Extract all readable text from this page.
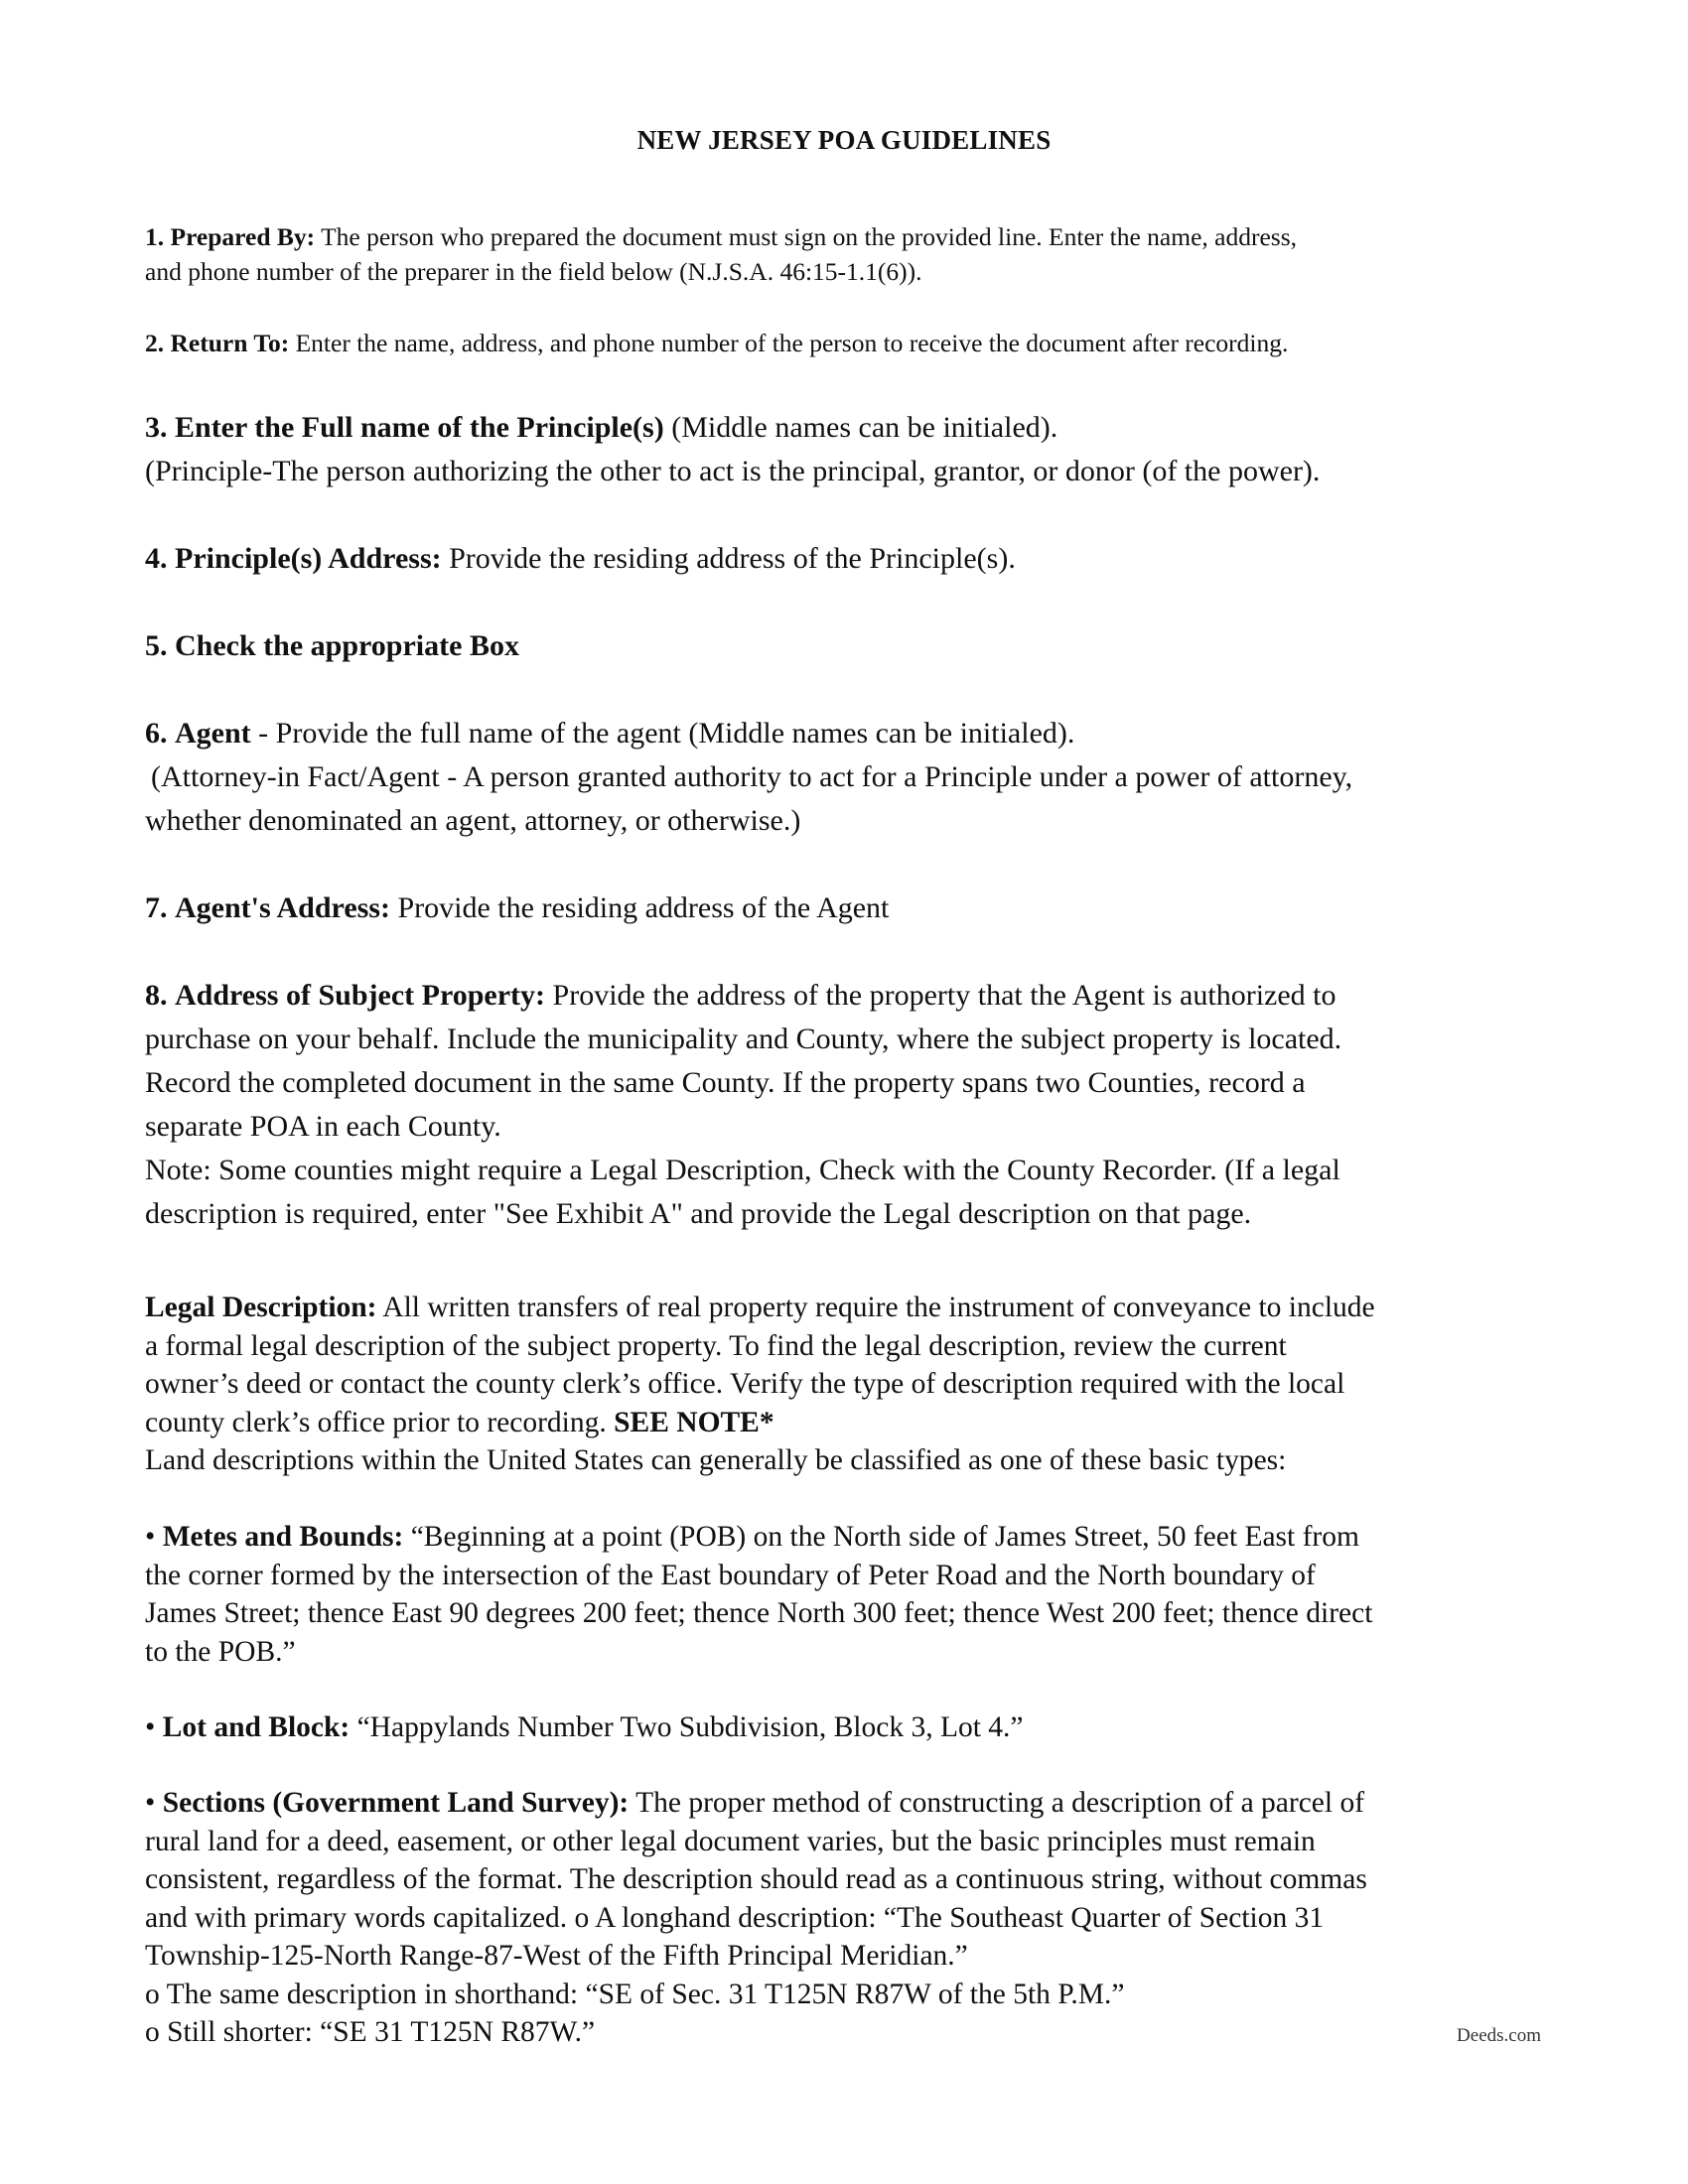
NEW JERSEY POA GUIDELINES

1. Prepared By: The person who prepared the document must sign on the provided line. Enter the name, address,
and phone number of the preparer in the field below (N.J.S.A. 46:15-1.1(6)).

2. Return To: Enter the name, address, and phone number of the person to receive the document after recording.

3. Enter the Full name of the Principle(s) (Middle names can be initialed).
(Principle-The person authorizing the other to act is the principal, grantor, or donor (of the power).

4. Principle(s) Address: Provide the residing address of the Principle(s).

5. Check the appropriate Box

6. Agent - Provide the full name of the agent (Middle names can be initialed).
(Attorney-in Fact/Agent - A person granted authority to act for a Principle under a power of attorney,
whether denominated an agent, attorney, or otherwise.)

7. Agent's Address: Provide the residing address of the Agent

8. Address of Subject Property: Provide the address of the property that the Agent is authorized to
purchase on your behalf. Include the municipality and County, where the subject property is located.
Record the completed document in the same County. If the property spans two Counties, record a
separate POA in each County.
Note: Some counties might require a Legal Description, Check with the County Recorder. (If a legal
description is required, enter "See Exhibit A" and provide the Legal description on that page.

Legal Description: All written transfers of real property require the instrument of conveyance to include
a formal legal description of the subject property. To find the legal description, review the current
owner’s deed or contact the county clerk’s office. Verify the type of description required with the local
county clerk’s office prior to recording. SEE NOTE*
Land descriptions within the United States can generally be classified as one of these basic types:

• Metes and Bounds: “Beginning at a point (POB) on the North side of James Street, 50 feet East from
the corner formed by the intersection of the East boundary of Peter Road and the North boundary of
James Street; thence East 90 degrees 200 feet; thence North 300 feet; thence West 200 feet; thence direct
to the POB.”

• Lot and Block: “Happylands Number Two Subdivision, Block 3, Lot 4.”

• Sections (Government Land Survey): The proper method of constructing a description of a parcel of
rural land for a deed, easement, or other legal document varies, but the basic principles must remain
consistent, regardless of the format. The description should read as a continuous string, without commas
and with primary words capitalized. o A longhand description: “The Southeast Quarter of Section 31
Township-125-North Range-87-West of the Fifth Principal Meridian.”
o The same description in shorthand: “SE of Sec. 31 T125N R87W of the 5th P.M.”
o Still shorter: “SE 31 T125N R87W.”	Deeds.com
